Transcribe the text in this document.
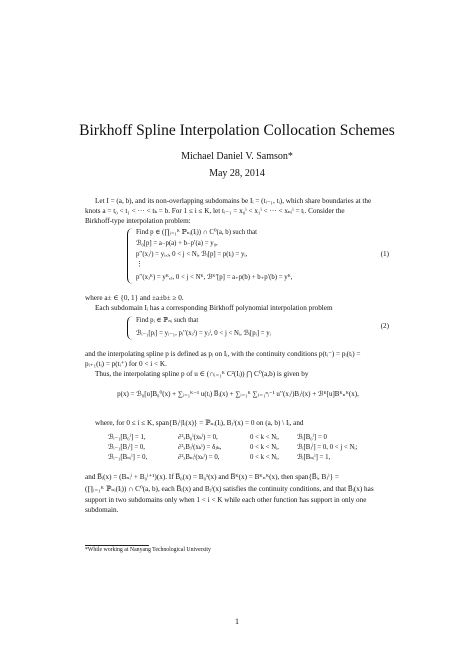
Birkhoff Spline Interpolation Collocation Schemes
Michael Daniel V. Samson*
May 28, 2014
Let I = (a, b), and its non-overlapping subdomains be Iᵢ = (tᵢ₋₁, tᵢ), which share boundaries at the
knots a = t₀ < t₁ < ··· < tₖ = b. For 1 ≤ i ≤ K, let tᵢ₋₁ = x₀ⁱ < x₁ⁱ < ··· < xₙᵢⁱ = tᵢ. Consider the
Birkhoff-type interpolation problem:
Find p ∈ (∏ᵢ₌₁ᴷ ℙₙᵢ(Iᵢ)) ∩ C⁰(a, b) such that
ℬ₀[p] = a₋p(a) + b₋p′(a) = y₀,
p′′(xⱼⁱ) = yᵢ,ⱼ, 0 < j < Nᵢ, ℬᵢ[p] = p(tᵢ) = yᵢ,
⋮
p′′(xⱼᴷ) = yᴷ,ⱼ, 0 < j < Nᴷ, ℬᴷ′[p] = a₊p(b) + b₊p′(b) = yᴷ,
(1)
where a± ∈ {0, 1} and ±a±b± ≥ 0.
Each subdomain Iᵢ has a corresponding Birkhoff polynomial interpolation problem
Find pᵢ ∈ ℙₙᵢ such that
ℬᵢ₋₁[pᵢ] = yᵢ₋₁, pᵢ′′(xⱼⁱ) = yⱼⁱ, 0 < j < Nᵢ, ℬᵢ[pᵢ] = yᵢ
(2)
and the interpolating spline p is defined as pᵢ on Iᵢ, with the continuity conditions p(tᵢ⁻) = pᵢ(tᵢ) =
pᵢ₊₁(tᵢ) = p(tᵢ⁺) for 0 < i < K.
Thus, the interpolating spline p of u ∈ (∩ᵢ₌₁ᴷ C²(Iᵢ)) ⋂ C⁰(a,b) is given by
p(x) = ℬ₀[u]B₀⁰(x) + ∑ᵢ₌₁ᴷ⁻¹ u(tᵢ) B̅ᵢ(x) + ∑ᵢ₌₁ᴷ ∑ⱼ₌₁ⁿᵢ⁻¹ u′′(xⱼⁱ)Bⱼⁱ(x) + ℬᴷ[u]Bᴷₙᴷ(x),
where, for 0 ≤ i ≤ K, span{Bⱼⁱ|Iᵢ(x)} = ℙₙᵢ(Iᵢ), Bⱼⁱ(x) = 0 on (a, b) \ Iᵢ, and
ℬᵢ₋₁[B₀ⁱ] = 1,
ℬᵢ₋₁[Bⱼⁱ] = 0,
ℬᵢ₋₁[Bₙᵢⁱ] = 0,
∂²ₓB₀ⁱ(xₖⁱ) = 0,
∂²ₓBⱼⁱ(xₖⁱ) = δⱼₖ,
∂²ₓBₙᵢⁱ(xₖⁱ) = 0,
0 < k < Nᵢ,
0 < k < Nᵢ,
0 < k < Nᵢ,
ℬᵢ[B₀ⁱ] = 0
ℬᵢ[Bⱼⁱ] = 0, 0 < j < Nᵢ;
ℬᵢ[Bₙᵢⁱ] = 1,
and B̅ᵢ(x) = (Bₙᵢⁱ + B₀ⁱ⁺¹)(x). If B̅₀(x) = B₀¹(x) and B̅ᴷ(x) = Bᴷₙᴷ(x), then span{B̅ᵢ, Bⱼⁱ} =
(∏ᵢ₌₁ᴷ ℙₙᵢ(Iᵢ)) ∩ C⁰(a, b), each B̅ᵢ(x) and Bⱼⁱ(x) satisfies the continuity conditions, and that B̅ᵢ(x) has
support in two subdomains only when 1 < i < K while each other function has support in only one
subdomain.
*While working at Nanyang Technological University
1
